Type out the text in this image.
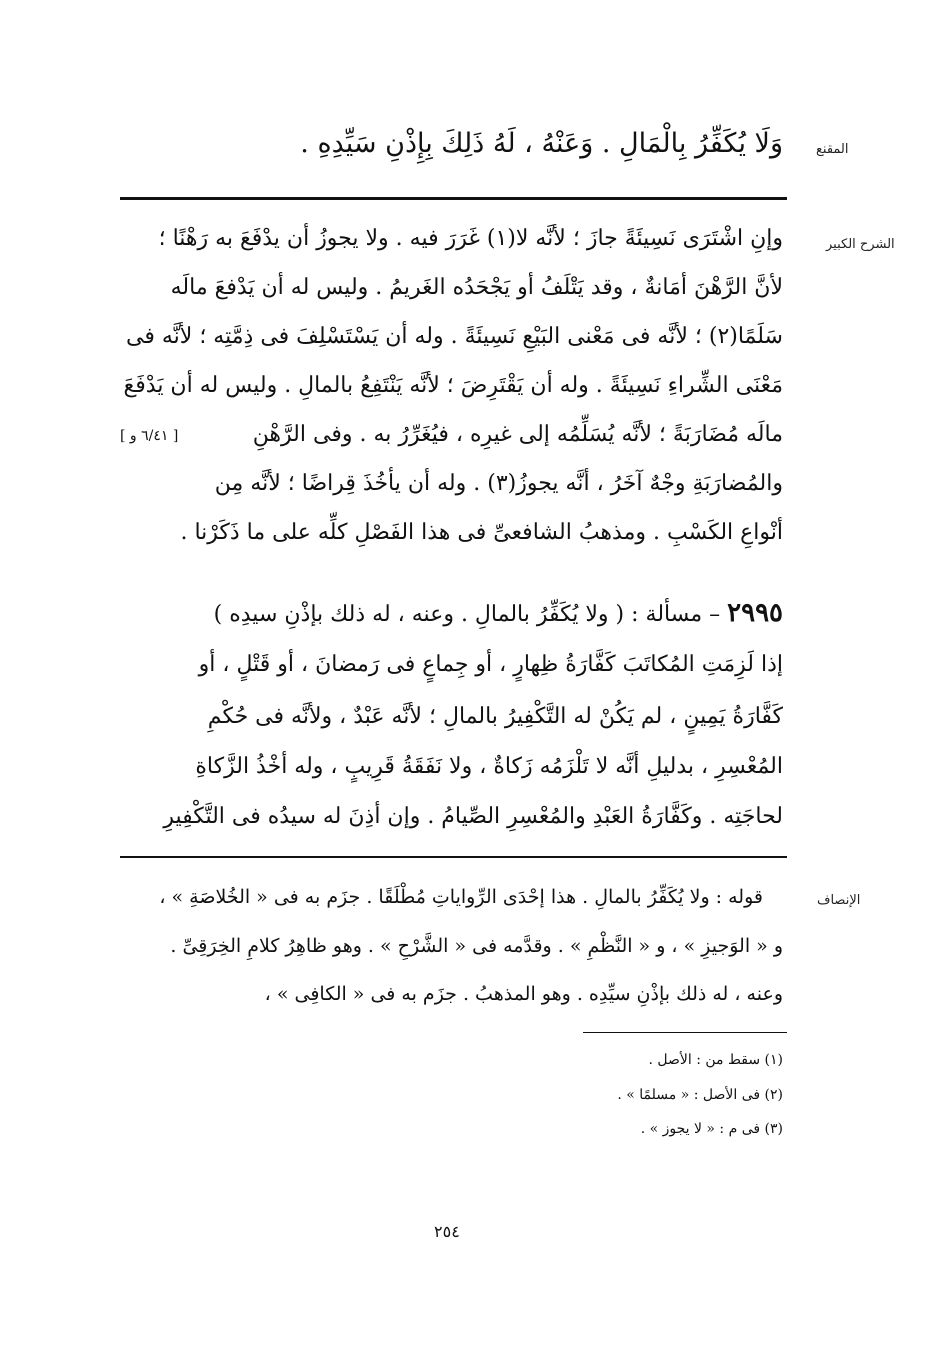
المقنع
وَلَا يُكَفِّرُ بِالْمَالِ . وَعَنْهُ ، لَهُ ذَلِكَ بِإِذْنِ سَيِّدِهِ .
الشرح الكبير
وإنِ اشْتَرَى نَسِيئَةً جازَ ؛ لأنَّه لا(١) غَرَرَ فيه . ولا يجوزُ أن يدْفَعَ به رَهْنًا ؛
لأنَّ الرَّهْنَ أمَانةٌ ، وقد يَتْلَفُ أو يَجْحَدُه الغَريمُ . وليس له أن يَدْفعَ مالَه
سَلَمًا(٢) ؛ لأنَّه فى مَعْنى البَيْعِ نَسِيئَةً . وله أن يَسْتَسْلِفَ فى ذِمَّتِه ؛ لأنَّه فى
مَعْنَى الشِّراءِ نَسِيئَةً . وله أن يَقْتَرِضَ ؛ لأنَّه يَنْتَفِعُ بالمالِ . وليس له أن يَدْفَعَ
مالَه مُضَارَبَةً ؛ لأنَّه يُسَلِّمُه إلى غيرِه ، فيُغَرِّرُ به . وفى الرَّهْنِ
[ ٦/٤١ و ]
والمُضارَبَةِ وجْهٌ آخَرُ ، أنَّه يجوزُ(٣) . وله أن يأخُذَ قِراضًا ؛ لأنَّه مِن
أنْواعِ الكَسْبِ . ومذهبُ الشافعىِّ فى هذا الفَصْلِ كلِّه على ما ذَكَرْنا .
٢٩٩٥ – مسألة : ( ولا يُكَفِّرُ بالمالِ . وعنه ، له ذلك بإذْنِ سيدِه )
إذا لَزِمَتِ المُكاتَبَ كَفَّارَةُ ظِهارٍ ، أو جِماعٍ فى رَمضانَ ، أو قَتْلٍ ، أو
كَفَّارَةُ يَمِينٍ ، لم يَكُنْ له التَّكْفِيرُ بالمالِ ؛ لأنَّه عَبْدٌ ، ولأنَّه فى حُكْمِ
المُعْسِرِ ، بدليلِ أنَّه لا تَلْزَمُه زَكاةٌ ، ولا نَفَقَةُ قَرِيبٍ ، وله أخْذُ الزَّكاةِ
لحاجَتِه . وكَفَّارَةُ العَبْدِ والمُعْسِرِ الصِّيامُ . وإن أذِنَ له سيدُه فى التَّكْفِيرِ
الإنصاف
قوله : ولا يُكَفِّرُ بالمالِ . هذا إحْدَى الرِّواياتِ مُطْلَقًا . جزَم به فى « الخُلاصَةِ » ،
و « الوَجيزِ » ، و « النَّظْمِ » . وقدَّمه فى « الشَّرْحِ » . وهو ظاهِرُ كلامِ الخِرَقِىِّ .
وعنه ، له ذلك بإذْنِ سيِّدِه . وهو المذهبُ . جزَم به فى « الكافِى » ،
(١) سقط من : الأصل .
(٢) فى الأصل : « مسلمًا » .
(٣) فى م : « لا يجوز » .
٢٥٤
